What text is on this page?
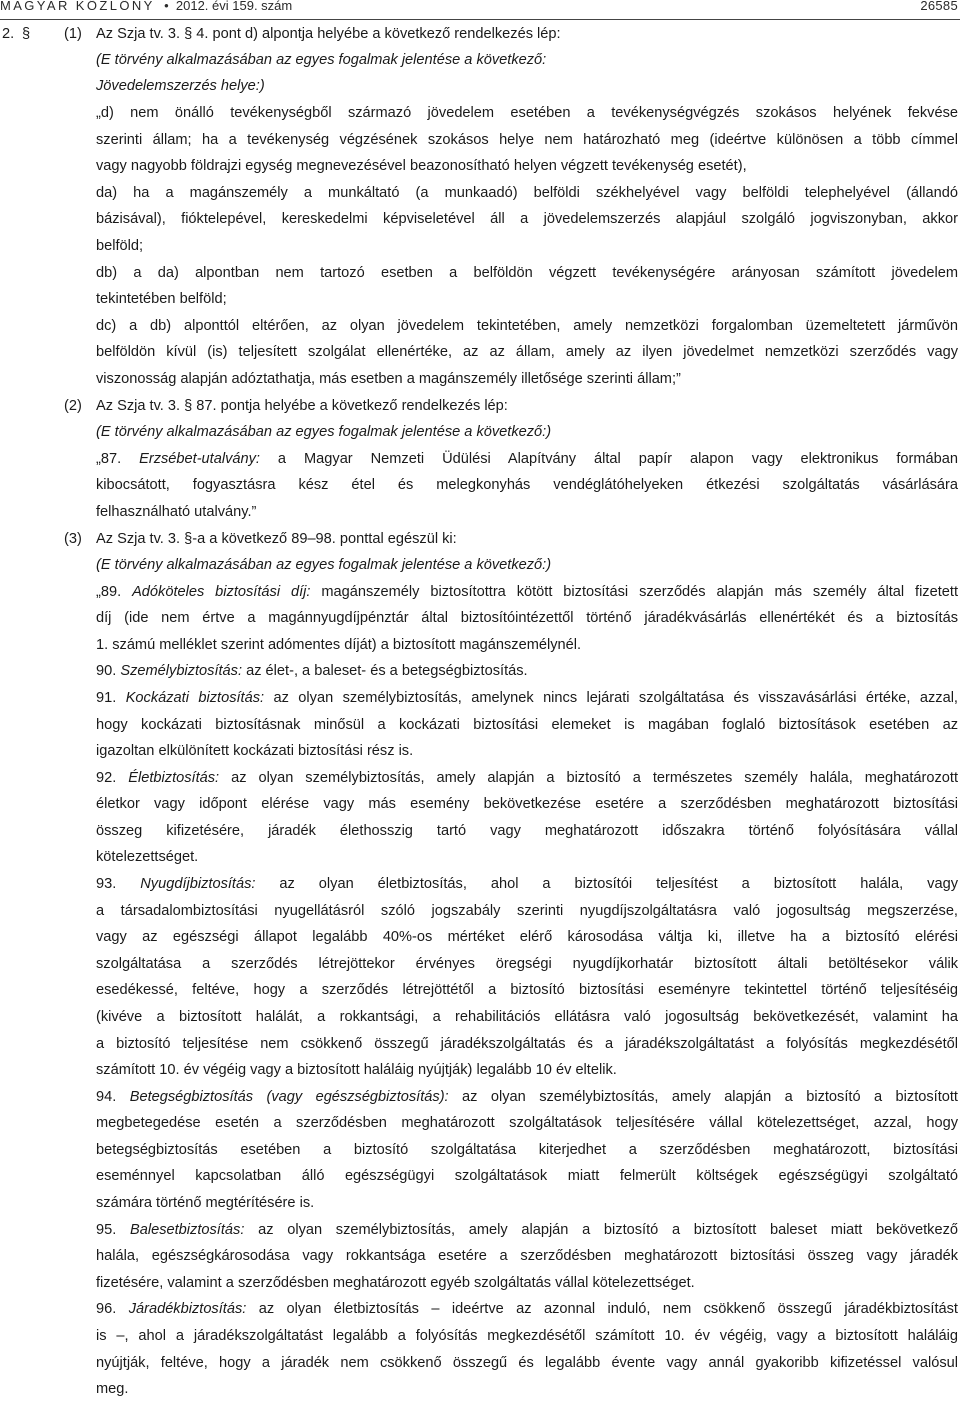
MAGYAR KÖZLÖNY  •  2012. évi 159. szám	26585
2. § (1) Az Szja tv. 3. § 4. pont d) alpontja helyébe a következő rendelkezés lép:
(E törvény alkalmazásában az egyes fogalmak jelentése a következő:
Jövedelemszerzés helye:)
„d) nem önálló tevékenységből származó jövedelem esetében a tevékenységvégzés szokásos helyének fekvése
szerinti állam; ha a tevékenység végzésének szokásos helye nem határozható meg (ideértve különösen a több címmel
vagy nagyobb földrajzi egység megnevezésével beazonosítható helyen végzett tevékenység esetét),
da) ha a magánszemély a munkáltató (a munkaadó) belföldi székhelyével vagy belföldi telephelyével (állandó
bázisával), fióktelepével, kereskedelmi képviseletével áll a jövedelemszerzés alapjául szolgáló jogviszonyban, akkor
belföld;
db) a da) alpontban nem tartozó esetben a belföldön végzett tevékenységére arányosan számított jövedelem
tekintetében belföld;
dc) a db) alponttól eltérően, az olyan jövedelem tekintetében, amely nemzetközi forgalomban üzemeltetett járművön
belföldön kívül (is) teljesített szolgálat ellenértéke, az az állam, amely az ilyen jövedelmet nemzetközi szerződés vagy
viszonosság alapján adóztathatja, más esetben a magánszemély illetősége szerinti állam;”
(2) Az Szja tv. 3. § 87. pontja helyébe a következő rendelkezés lép:
(E törvény alkalmazásában az egyes fogalmak jelentése a következő:)
„87. Erzsébet-utalvány: a Magyar Nemzeti Üdülési Alapítvány által papír alapon vagy elektronikus formában
kibocsátott, fogyasztásra kész étel és melegkonyhás vendéglátóhelyeken étkezési szolgáltatás vásárlására
felhasználható utalvány.”
(3) Az Szja tv. 3. §-a a következő 89–98. ponttal egészül ki:
(E törvény alkalmazásában az egyes fogalmak jelentése a következő:)
„89. Adóköteles biztosítási díj: magánszemély biztosítottra kötött biztosítási szerződés alapján más személy által fizetett
díj (ide nem értve a magánnyugdíjpénztár által biztosítóintézettől történő járadékvásárlás ellenértékét és a biztosítás
1. számú melléklet szerint adómentes díját) a biztosított magánszemélynél.
90. Személybiztosítás: az élet-, a baleset- és a betegségbiztosítás.
91. Kockázati biztosítás: az olyan személybiztosítás, amelynek nincs lejárati szolgáltatása és visszavásárlási értéke, azzal,
hogy kockázati biztosításnak minősül a kockázati biztosítási elemeket is magában foglaló biztosítások esetében az
igazoltan elkülönített kockázati biztosítási rész is.
92. Életbiztosítás: az olyan személybiztosítás, amely alapján a biztosító a természetes személy halála, meghatározott
életkor vagy időpont elérése vagy más esemény bekövetkezése esetére a szerződésben meghatározott biztosítási
összeg kifizetésére, járadék élethosszig tartó vagy meghatározott időszakra történő folyósítására vállal
kötelezettséget.
93. Nyugdíjbiztosítás: az olyan életbiztosítás, ahol a biztosítói teljesítést a biztosított halála, vagy
a társadalombiztosítási nyugellátásról szóló jogszabály szerinti nyugdíjszolgáltatásra való jogosultság megszerzése,
vagy az egészségi állapot legalább 40%-os mértéket elérő károsodása váltja ki, illetve ha a biztosító elérési
szolgáltatása a szerződés létrejöttekor érvényes öregségi nyugdíjkorhatár biztosított általi betöltésekor válik
esedékessé, feltéve, hogy a szerződés létrejöttétől a biztosító biztosítási eseményre tekintettel történő teljesítéséig
(kivéve a biztosított halálát, a rokkantsági, a rehabilitációs ellátásra való jogosultság bekövetkezését, valamint ha
a biztosító teljesítése nem csökkenő összegű járadékszolgáltatás és a járadékszolgáltatást a folyósítás megkezdésétől
számított 10. év végéig vagy a biztosított haláláig nyújtják) legalább 10 év eltelik.
94. Betegségbiztosítás (vagy egészségbiztosítás): az olyan személybiztosítás, amely alapján a biztosító a biztosított
megbetegedése esetén a szerződésben meghatározott szolgáltatások teljesítésére vállal kötelezettséget, azzal, hogy
betegségbiztosítás esetében a biztosító szolgáltatása kiterjedhet a szerződésben meghatározott, biztosítási
eseménnyel kapcsolatban álló egészségügyi szolgáltatások miatt felmerült költségek egészségügyi szolgáltató
számára történő megtérítésére is.
95. Balesetbiztosítás: az olyan személybiztosítás, amely alapján a biztosító a biztosított baleset miatt bekövetkező
halála, egészségkárosodása vagy rokkantsága esetére a szerződésben meghatározott biztosítási összeg vagy járadék
fizetésére, valamint a szerződésben meghatározott egyéb szolgáltatás vállal kötelezettséget.
96. Járadékbiztosítás: az olyan életbiztosítás – ideértve az azonnal induló, nem csökkenő összegű járadékbiztosítást
is –, ahol a járadékszolgáltatást legalább a folyósítás megkezdésétől számított 10. év végéig, vagy a biztosított haláláig
nyújtják, feltéve, hogy a járadék nem csökkenő összegű és legalább évente vagy annál gyakoribb kifizetéssel valósul
meg.
